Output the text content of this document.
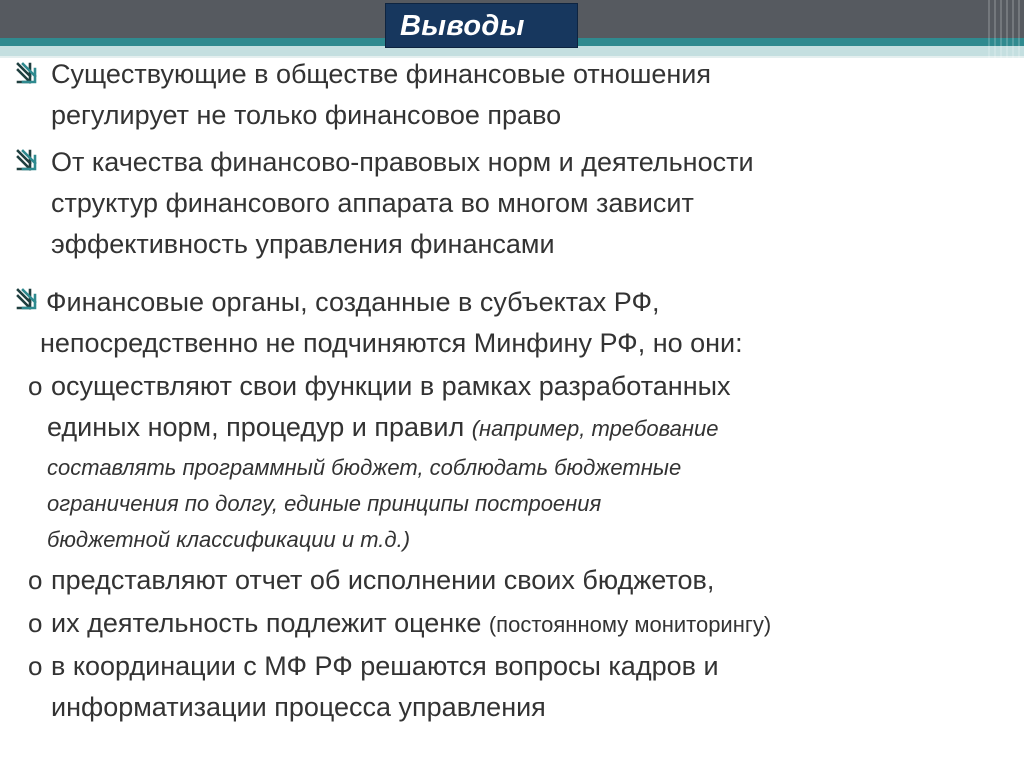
Выводы
Существующие в обществе финансовые отношения
регулирует не только финансовое право
От качества финансово-правовых норм и деятельности
структур финансового аппарата во многом зависит
эффективность управления финансами
Финансовые органы, созданные в субъектах РФ,
непосредственно не подчиняются Минфину РФ, но они:
o осуществляют свои функции в рамках разработанных
единых норм, процедур и правил (например, требование
составлять программный бюджет, соблюдать бюджетные
ограничения по долгу, единые принципы построения
бюджетной классификации и т.д.)
o представляют отчет об исполнении своих бюджетов,
o их деятельность подлежит оценке (постоянному мониторингу)
o в координации с МФ РФ решаются вопросы кадров и
информатизации процесса управления
